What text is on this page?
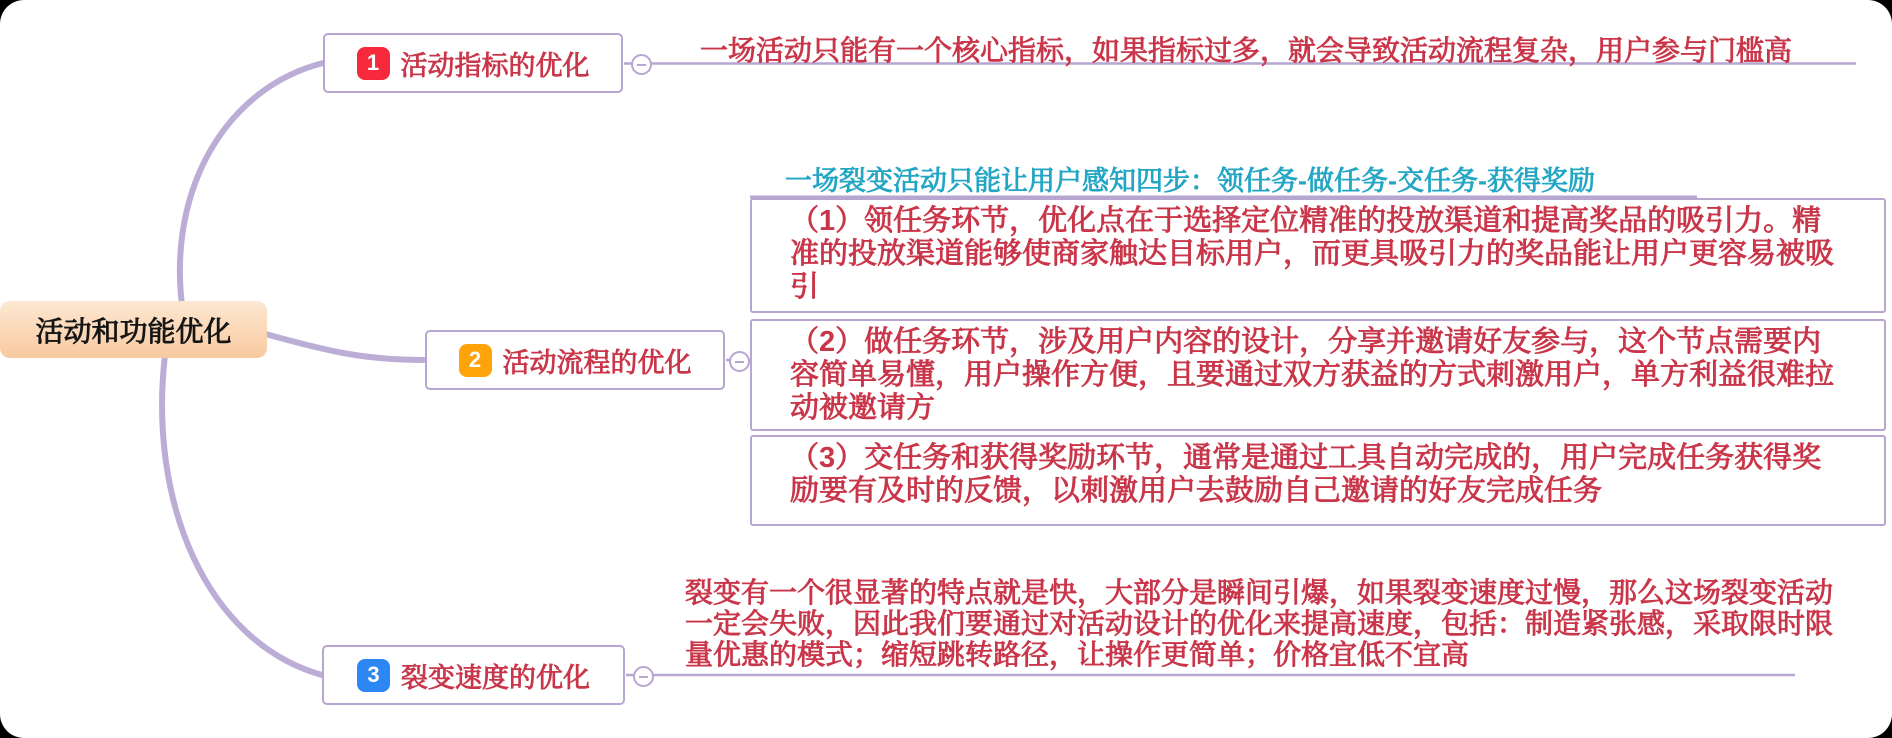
活动和功能优化
1 活动指标的优化	一场活动只能有一个核心指标，如果指标过多，就会导致活动流程复杂，用户参与门槛高
2 活动流程的优化
一场裂变活动只能让用户感知四步：领任务-做任务-交任务-获得奖励
（1）领任务环节，优化点在于选择定位精准的投放渠道和提高奖品的吸引力。精准的投放渠道能够使商家触达目标用户，而更具吸引力的奖品能让用户更容易被吸引
（2）做任务环节，涉及用户内容的设计，分享并邀请好友参与，这个节点需要内容简单易懂，用户操作方便，且要通过双方获益的方式刺激用户，单方利益很难拉动被邀请方
（3）交任务和获得奖励环节，通常是通过工具自动完成的，用户完成任务获得奖励要有及时的反馈，以刺激用户去鼓励自己邀请的好友完成任务
3 裂变速度的优化
裂变有一个很显著的特点就是快，大部分是瞬间引爆，如果裂变速度过慢，那么这场裂变活动一定会失败，因此我们要通过对活动设计的优化来提高速度，包括：制造紧张感，采取限时限量优惠的模式；缩短跳转路径，让操作更简单；价格宜低不宜高
